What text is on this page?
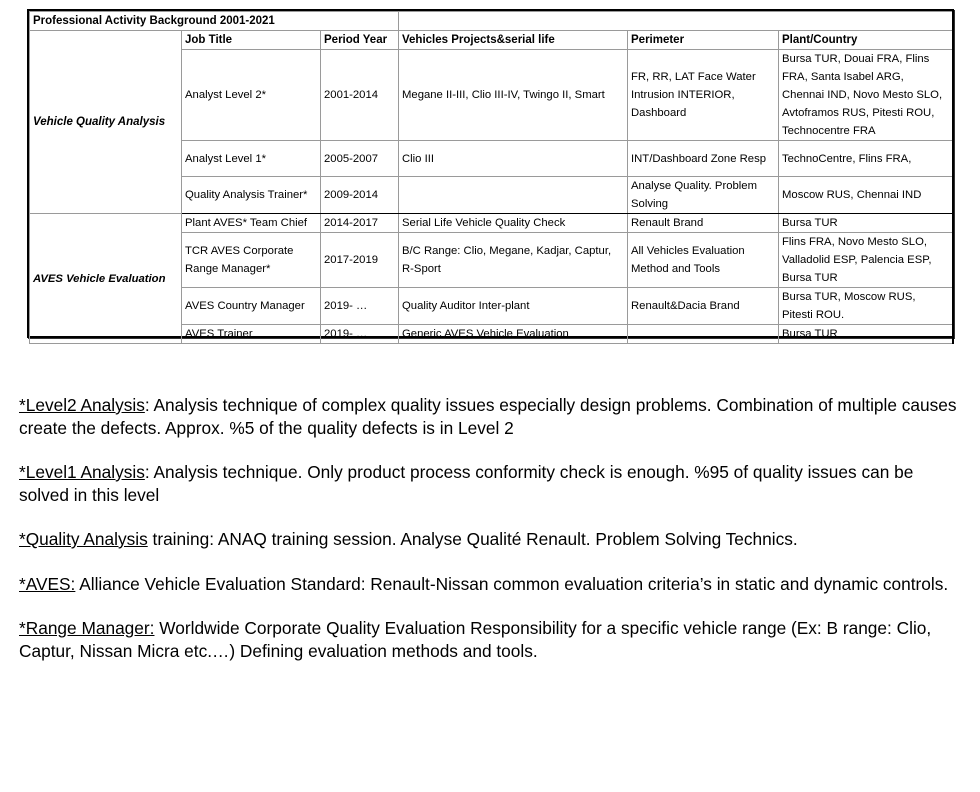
Professional Activity Background 2001-2021					
Vehicle Quality Analysis	Job Title	Period Year	Vehicles Projects&serial life	Perimeter	Plant/Country
	Analyst Level 2*	2001-2014	Megane II-III, Clio III-IV, Twingo II, Smart	FR, RR, LAT Face Water Intrusion INTERIOR, Dashboard	Bursa TUR, Douai FRA, Flins FRA, Santa Isabel ARG, Chennai IND, Novo Mesto SLO, Avtofrаmos RUS, Pitesti ROU, Technocentre FRA
	Analyst Level 1*	2005-2007	Clio III	INT/Dashboard Zone Resp	TechnoCentre, Flins FRA,
	Quality Analysis Trainer*	2009-2014		Analyse Quality. Problem Solving	Moscow RUS, Chennai IND
AVES Vehicle Evaluation	Plant AVES* Team Chief	2014-2017	Serial Life Vehicle Quality Check	Renault Brand	Bursa TUR
	TCR AVES Corporate Range Manager*	2017-2019	B/C Range: Clio, Megane, Kadjar, Captur, R-Sport	All Vehicles Evaluation Method and Tools	Flins FRA, Novo Mesto SLO, Valladolid ESP, Palencia ESP, Bursa TUR
	AVES Country Manager	2019- …	Quality Auditor Inter-plant	Renault&Dacia Brand	Bursa TUR, Moscow RUS, Pitesti ROU.
	AVES Trainer	2019- …	Generic AVES Vehicle Evaluation		Bursa TUR

*Level2 Analysis: Analysis technique of complex quality issues especially design problems. Combination of multiple causes create the defects. Approx. %5 of the quality defects is in Level 2

*Level1 Analysis: Analysis technique. Only product process conformity check is enough. %95 of quality issues can be solved in this level

*Quality Analysis training: ANAQ training session. Analyse Qualité Renault. Problem Solving Technics.

*AVES: Alliance Vehicle Evaluation Standard: Renault-Nissan common evaluation criteria’s in static and dynamic controls.

*Range Manager: Worldwide Corporate Quality Evaluation Responsibility for a specific vehicle range (Ex: B range: Clio, Captur, Nissan Micra etc.…) Defining evaluation methods and tools.
